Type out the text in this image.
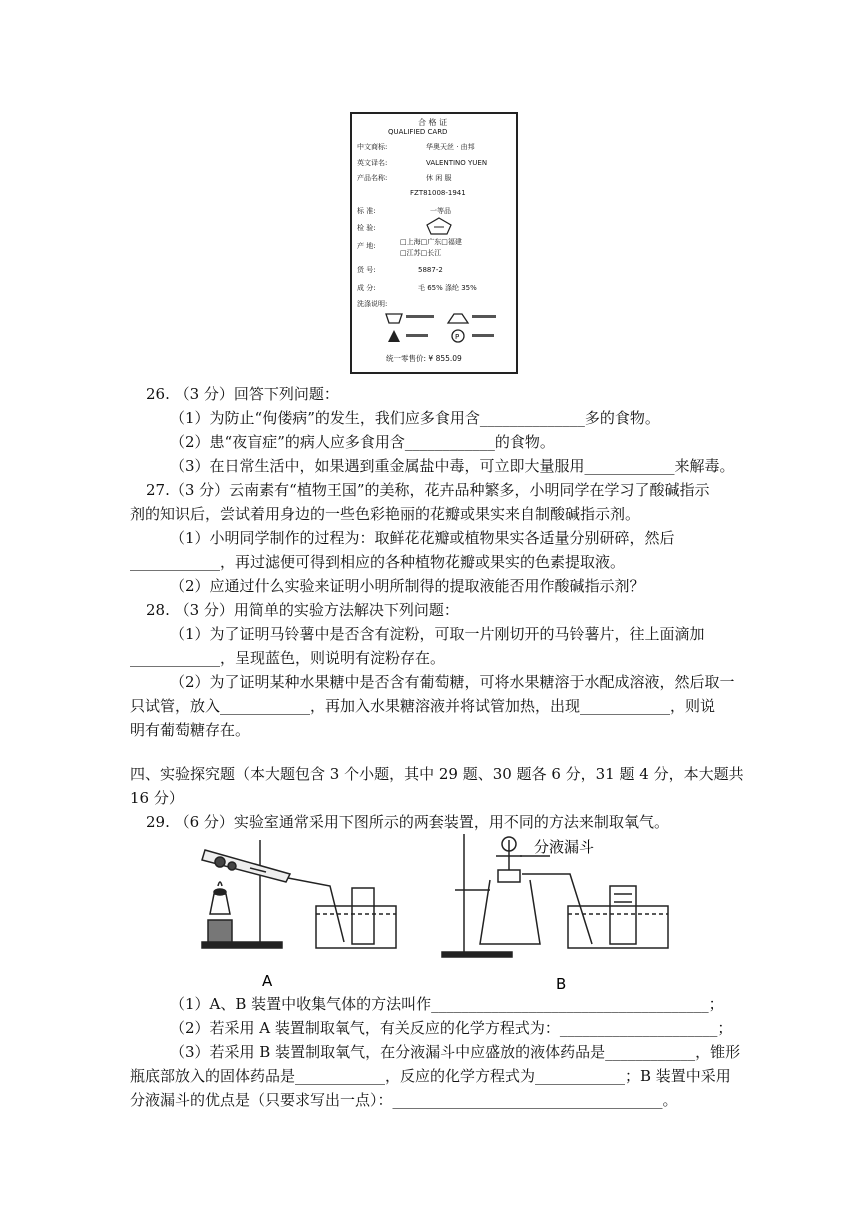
合 格 证
QUALIFIED CARD
中文商标:	华奥天丝 · 由邦
英文译名:	VALENTINO YUEN
产品名称:	休 闲 服
FZT81008-1941
标 准:	一等品
检 验:
产 地:	□上海□广东□福建
□江苏□长江
货 号:	5887-2
成 分:	毛 65% 涤纶 35%
洗涤说明:
P
统一零售价: ¥ 855.09
26. （3 分）回答下列问题：
（1）为防止“佝偻病”的发生，我们应多食用含______________多的食物。
（2）患“夜盲症”的病人应多食用含____________的食物。
（3）在日常生活中，如果遇到重金属盐中毒，可立即大量服用____________来解毒。
27.（3 分）云南素有“植物王国”的美称，花卉品种繁多，小明同学在学习了酸碱指示
剂的知识后，尝试着用身边的一些色彩艳丽的花瓣或果实来自制酸碱指示剂。
（1）小明同学制作的过程为：取鲜花花瓣或植物果实各适量分别研碎，然后
____________，再过滤便可得到相应的各种植物花瓣或果实的色素提取液。
（2）应通过什么实验来证明小明所制得的提取液能否用作酸碱指示剂？
28. （3 分）用简单的实验方法解决下列问题：
（1）为了证明马铃薯中是否含有淀粉，可取一片刚切开的马铃薯片，往上面滴加
____________，呈现蓝色，则说明有淀粉存在。
（2）为了证明某种水果糖中是否含有葡萄糖，可将水果糖溶于水配成溶液，然后取一
只试管，放入____________，再加入水果糖溶液并将试管加热，出现____________，则说
明有葡萄糖存在。
四、实验探究题（本大题包含 3 个小题，其中 29 题、30 题各 6 分，31 题 4 分，本大题共
16 分）
29. （6 分）实验室通常采用下图所示的两套装置，用不同的方法来制取氧气。
A
分液漏斗
B
（1）A、B 装置中收集气体的方法叫作_____________________________________；
（2）若采用 A 装置制取氧气，有关反应的化学方程式为：_____________________；
（3）若采用 B 装置制取氧气，在分液漏斗中应盛放的液体药品是____________，锥形
瓶底部放入的固体药品是____________，反应的化学方程式为____________；B 装置中采用
分液漏斗的优点是（只要求写出一点）：____________________________________。
